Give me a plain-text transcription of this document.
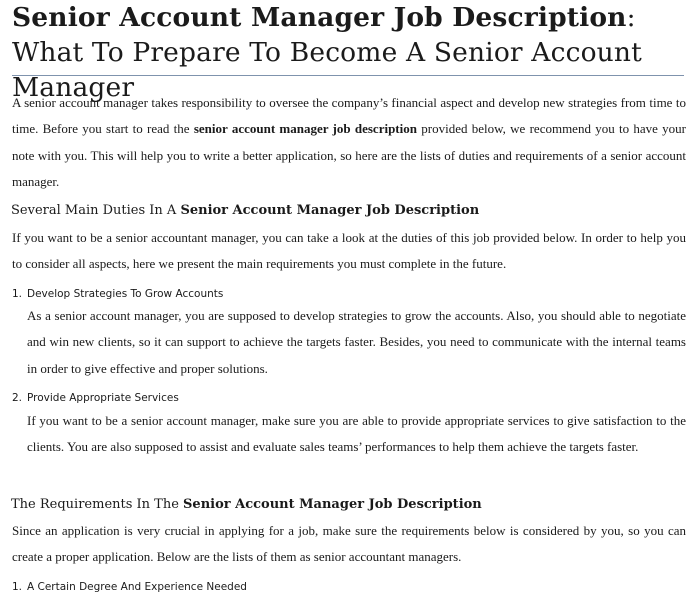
Senior Account Manager Job Description: What To Prepare To Become A Senior Account Manager

A senior account manager takes responsibility to oversee the company’s financial aspect and develop new strategies from time to time. Before you start to read the senior account manager job description provided below, we recommend you to have your note with you. This will help you to write a better application, so here are the lists of duties and requirements of a senior account manager.

Several Main Duties In A Senior Account Manager Job Description

If you want to be a senior accountant manager, you can take a look at the duties of this job provided below. In order to help you to consider all aspects, here we present the main requirements you must complete in the future.

1. Develop Strategies To Grow Accounts

As a senior account manager, you are supposed to develop strategies to grow the accounts. Also, you should able to negotiate and win new clients, so it can support to achieve the targets faster. Besides, you need to communicate with the internal teams in order to give effective and proper solutions.

2. Provide Appropriate Services

If you want to be a senior account manager, make sure you are able to provide appropriate services to give satisfaction to the clients. You are also supposed to assist and evaluate sales teams’ performances to help them achieve the targets faster.

The Requirements In The Senior Account Manager Job Description

Since an application is very crucial in applying for a job, make sure the requirements below is considered by you, so you can create a proper application. Below are the lists of them as senior accountant managers.

1. A Certain Degree And Experience Needed
